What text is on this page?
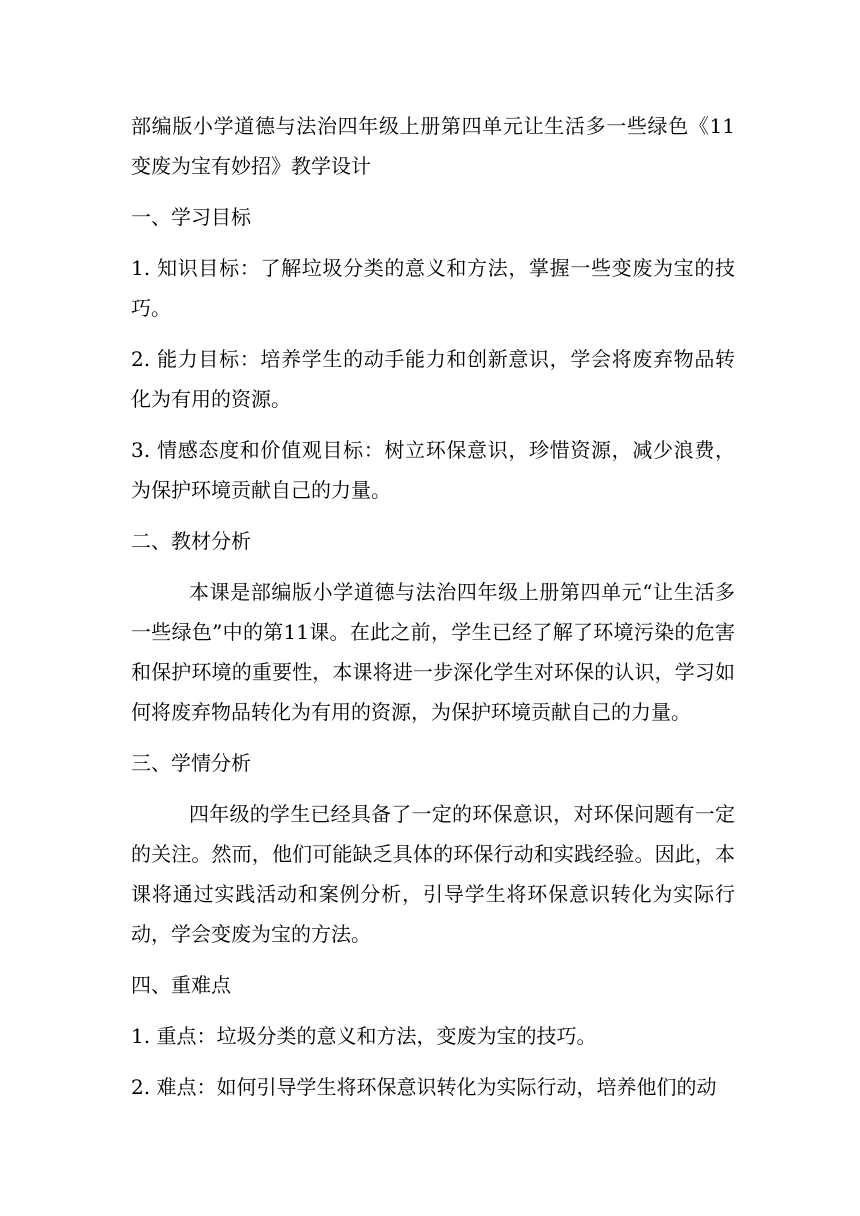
部编版小学道德与法治四年级上册第四单元让生活多一些绿色《11变废为宝有妙招》教学设计

一、学习目标

1. 知识目标：了解垃圾分类的意义和方法，掌握一些变废为宝的技巧。

2. 能力目标：培养学生的动手能力和创新意识，学会将废弃物品转化为有用的资源。

3. 情感态度和价值观目标：树立环保意识，珍惜资源，减少浪费，为保护环境贡献自己的力量。

二、教材分析

本课是部编版小学道德与法治四年级上册第四单元“让生活多一些绿色”中的第11课。在此之前，学生已经了解了环境污染的危害和保护环境的重要性，本课将进一步深化学生对环保的认识，学习如何将废弃物品转化为有用的资源，为保护环境贡献自己的力量。

三、学情分析

四年级的学生已经具备了一定的环保意识，对环保问题有一定的关注。然而，他们可能缺乏具体的环保行动和实践经验。因此，本课将通过实践活动和案例分析，引导学生将环保意识转化为实际行动，学会变废为宝的方法。

四、重难点

1. 重点：垃圾分类的意义和方法，变废为宝的技巧。

2. 难点：如何引导学生将环保意识转化为实际行动，培养他们的动
